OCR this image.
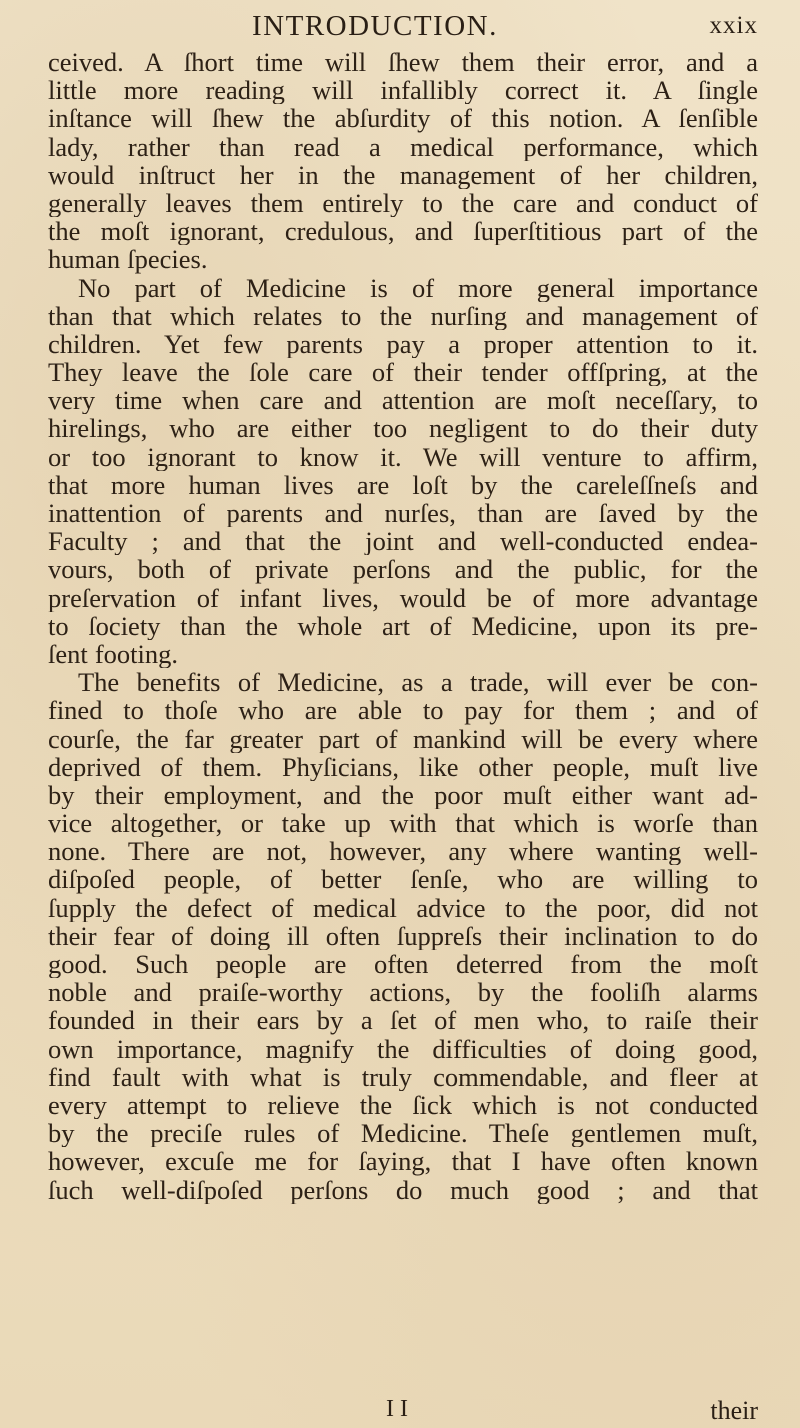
INTRODUCTION.	xxix
ceived. A ſhort time will ſhew them their error, and a
little more reading will infallibly correct it. A ſingle
inſtance will ſhew the abſurdity of this notion. A ſenſible
lady, rather than read a medical performance, which
would inſtruct her in the management of her children,
generally leaves them entirely to the care and conduct of
the moſt ignorant, credulous, and ſuperſtitious part of the
human ſpecies.
No part of Medicine is of more general importance
than that which relates to the nurſing and management of
children. Yet few parents pay a proper attention to it.
They leave the ſole care of their tender offſpring, at the
very time when care and attention are moſt neceſſary, to
hirelings, who are either too negligent to do their duty
or too ignorant to know it. We will venture to affirm,
that more human lives are loſt by the careleſſneſs and
inattention of parents and nurſes, than are ſaved by the
Faculty ; and that the joint and well-conducted endea-
vours, both of private perſons and the public, for the
preſervation of infant lives, would be of more advantage
to ſociety than the whole art of Medicine, upon its pre-
ſent footing.
The benefits of Medicine, as a trade, will ever be con-
fined to thoſe who are able to pay for them ; and of
courſe, the far greater part of mankind will be every where
deprived of them. Phyſicians, like other people, muſt live
by their employment, and the poor muſt either want ad-
vice altogether, or take up with that which is worſe than
none. There are not, however, any where wanting well-
diſpoſed people, of better ſenſe, who are willing to
ſupply the defect of medical advice to the poor, did not
their fear of doing ill often ſuppreſs their inclination to do
good. Such people are often deterred from the moſt
noble and praiſe-worthy actions, by the fooliſh alarms
founded in their ears by a ſet of men who, to raiſe their
own importance, magnify the difficulties of doing good,
find fault with what is truly commendable, and fleer at
every attempt to relieve the ſick which is not conducted
by the preciſe rules of Medicine. Theſe gentlemen muſt,
however, excuſe me for ſaying, that I have often known
ſuch well-diſpoſed perſons do much good ; and that
I I	their
